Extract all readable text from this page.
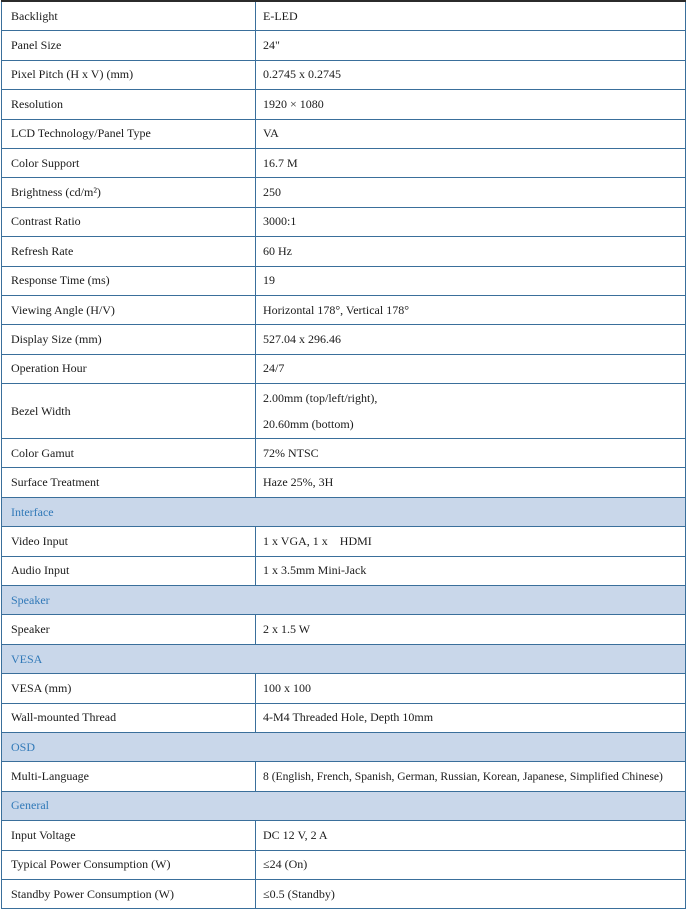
Backlight	E-LED
Panel Size	24"
Pixel Pitch (H x V) (mm)	0.2745 x 0.2745
Resolution	1920 × 1080
LCD Technology/Panel Type	VA
Color Support	16.7 M
Brightness (cd/m²)	250
Contrast Ratio	3000:1
Refresh Rate	60 Hz
Response Time (ms)	19
Viewing Angle (H/V)	Horizontal 178°, Vertical 178°
Display Size (mm)	527.04 x 296.46
Operation Hour	24/7
Bezel Width	2.00mm (top/left/right),
20.60mm (bottom)

Color Gamut	72% NTSC
Surface Treatment	Haze 25%, 3H
Interface	
Video Input	1 x VGA, 1 x    HDMI
Audio Input	1 x 3.5mm Mini-Jack
Speaker	
Speaker	2 x 1.5 W
VESA	
VESA (mm)	100 x 100
Wall-mounted Thread	4-M4 Threaded Hole, Depth 10mm
OSD	
Multi-Language	8 (English, French, Spanish, German, Russian, Korean, Japanese, Simplified Chinese)
General	
Input Voltage	DC 12 V, 2 A
Typical Power Consumption (W)	≤24 (On)
Standby Power Consumption (W)	≤0.5 (Standby)
